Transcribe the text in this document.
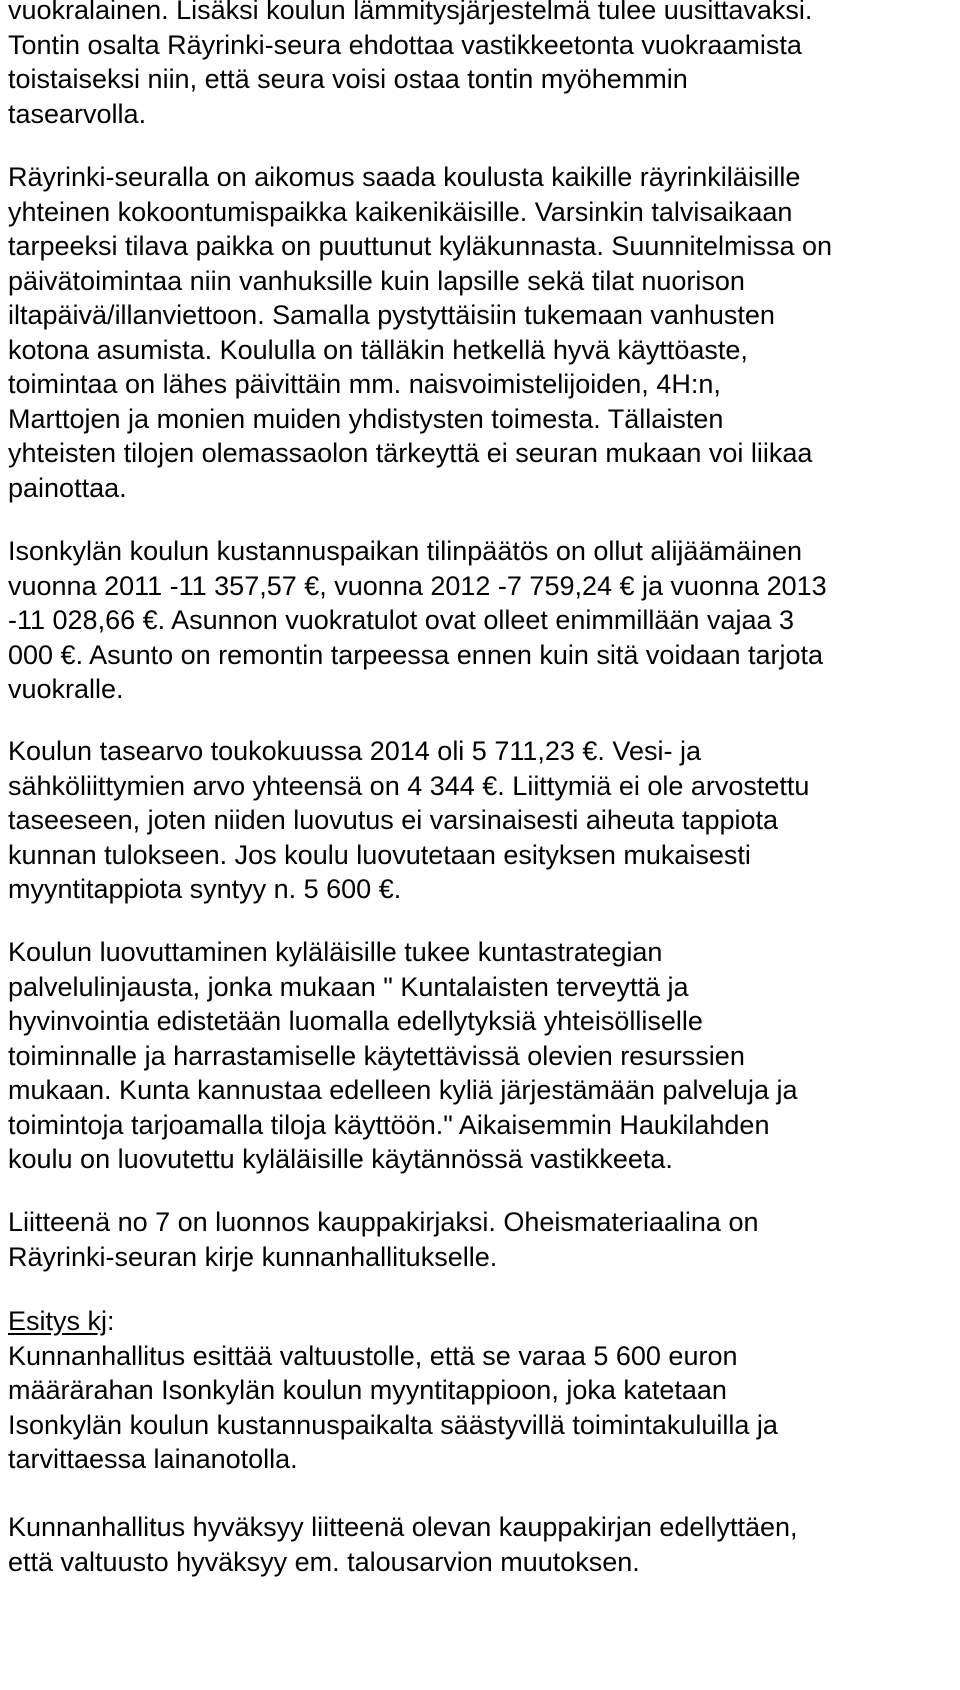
vuokralainen. Lisäksi koulun lämmitysjärjestelmä tulee uusittavaksi.
Tontin osalta Räyrinki-seura ehdottaa vastikkeetonta vuokraamista
toistaiseksi niin, että seura voisi ostaa tontin myöhemmin
tasearvolla.
Räyrinki-seuralla on aikomus saada koulusta kaikille räyrinkiläisille
yhteinen kokoontumispaikka kaikenikäisille. Varsinkin talvisaikaan
tarpeeksi tilava paikka on puuttunut kyläkunnasta. Suunnitelmissa on
päivätoimintaa niin vanhuksille kuin lapsille sekä tilat nuorison
iltapäivä/illanviettoon. Samalla pystyttäisiin tukemaan vanhusten
kotona asumista. Koululla on tälläkin hetkellä hyvä käyttöaste,
toimintaa on lähes päivittäin mm. naisvoimistelijoiden, 4H:n,
Marttojen ja monien muiden yhdistysten toimesta. Tällaisten
yhteisten tilojen olemassaolon tärkeyttä ei seuran mukaan voi liikaa
painottaa.
Isonkylän koulun kustannuspaikan tilinpäätös on ollut alijäämäinen
vuonna 2011 -11 357,57 €, vuonna 2012 -7 759,24 € ja vuonna 2013
-11 028,66 €. Asunnon vuokratulot ovat olleet enimmillään vajaa 3
000 €. Asunto on remontin tarpeessa ennen kuin sitä voidaan tarjota
vuokralle.
Koulun tasearvo toukokuussa 2014 oli 5 711,23 €. Vesi- ja
sähköliittymien arvo yhteensä on 4 344 €. Liittymiä ei ole arvostettu
taseeseen, joten niiden luovutus ei varsinaisesti aiheuta tappiota
kunnan tulokseen. Jos koulu luovutetaan esityksen mukaisesti
myyntitappiota syntyy n. 5 600 €.
Koulun luovuttaminen kyläläisille tukee kuntastrategian
palvelulinjausta, jonka mukaan " Kuntalaisten terveyttä ja
hyvinvointia edistetään luomalla edellytyksiä yhteisölliselle
toiminnalle ja harrastamiselle käytettävissä olevien resurssien
mukaan. Kunta kannustaa edelleen kyliä järjestämään palveluja ja
toimintoja tarjoamalla tiloja käyttöön." Aikaisemmin Haukilahden
koulu on luovutettu kyläläisille käytännössä vastikkeeta.
Liitteenä no 7 on luonnos kauppakirjaksi. Oheismateriaalina on
Räyrinki-seuran kirje kunnanhallitukselle.
Esitys kj:
Kunnanhallitus esittää valtuustolle, että se varaa 5 600 euron
määrärahan Isonkylän koulun myyntitappioon, joka katetaan
Isonkylän koulun kustannuspaikalta säästyvillä toimintakuluilla ja
tarvittaessa lainanotolla.
Kunnanhallitus hyväksyy liitteenä olevan kauppakirjan edellyttäen,
että valtuusto hyväksyy em. talousarvion muutoksen.
